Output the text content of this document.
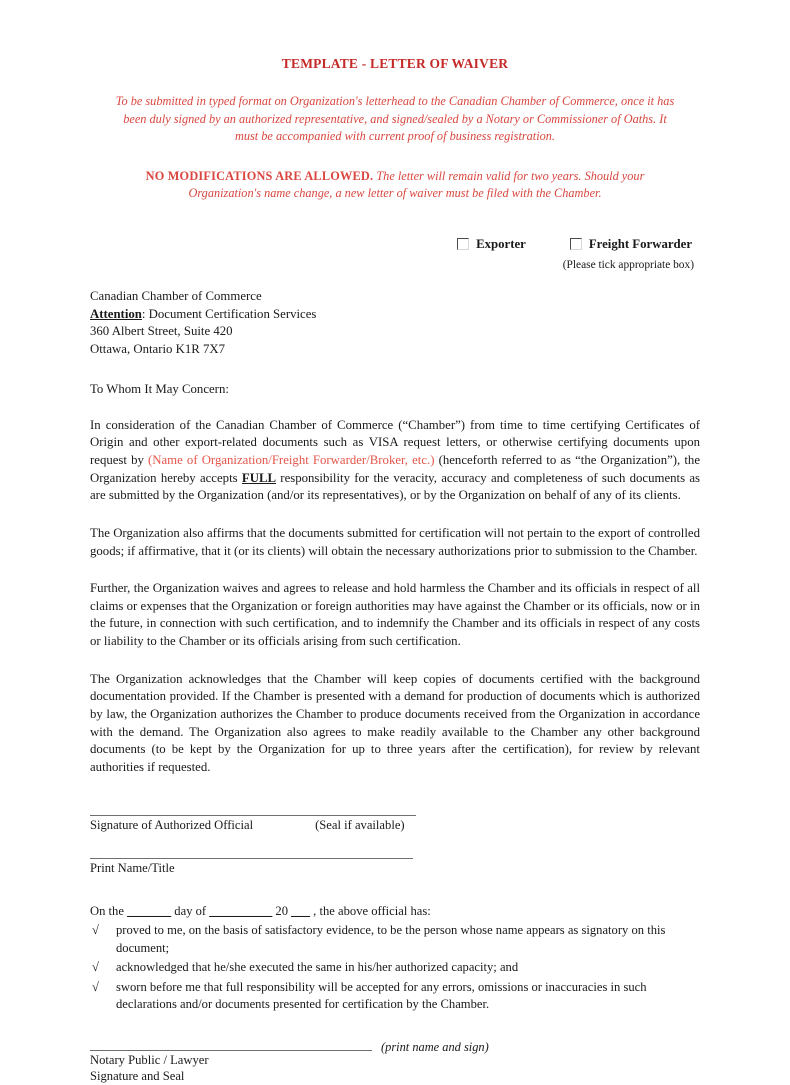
TEMPLATE - LETTER OF WAIVER
To be submitted in typed format on Organization's letterhead to the Canadian Chamber of Commerce, once it has been duly signed by an authorized representative, and signed/sealed by a Notary or Commissioner of Oaths. It must be accompanied with current proof of business registration.
NO MODIFICATIONS ARE ALLOWED. The letter will remain valid for two years. Should your Organization's name change, a new letter of waiver must be filed with the Chamber.
Exporter	Freight Forwarder
(Please tick appropriate box)
Canadian Chamber of Commerce
Attention: Document Certification Services
360 Albert Street, Suite 420
Ottawa, Ontario K1R 7X7
To Whom It May Concern:

In consideration of the Canadian Chamber of Commerce (“Chamber”) from time to time certifying Certificates of Origin and other export-related documents such as VISA request letters, or otherwise certifying documents upon request by (Name of Organization/Freight Forwarder/Broker, etc.) (henceforth referred to as “the Organization”), the Organization hereby accepts FULL responsibility for the veracity, accuracy and completeness of such documents as are submitted by the Organization (and/or its representatives), or by the Organization on behalf of any of its clients.

The Organization also affirms that the documents submitted for certification will not pertain to the export of controlled goods; if affirmative, that it (or its clients) will obtain the necessary authorizations prior to submission to the Chamber.

Further, the Organization waives and agrees to release and hold harmless the Chamber and its officials in respect of all claims or expenses that the Organization or foreign authorities may have against the Chamber or its officials, now or in the future, in connection with such certification, and to indemnify the Chamber and its officials in respect of any costs or liability to the Chamber or its officials arising from such certification.

The Organization acknowledges that the Chamber will keep copies of documents certified with the background documentation provided. If the Chamber is presented with a demand for production of documents which is authorized by law, the Organization authorizes the Chamber to produce documents received from the Organization in accordance with the demand. The Organization also agrees to make readily available to the Chamber any other background documents (to be kept by the Organization for up to three years after the certification), for review by relevant authorities if requested.

Signature of Authorized Official	(Seal if available)
Print Name/Title
On the _______ day of __________ 20 ___ , the above official has:
√ proved to me, on the basis of satisfactory evidence, to be the person whose name appears as signatory on this document;
√ acknowledged that he/she executed the same in his/her authorized capacity; and
√ sworn before me that full responsibility will be accepted for any errors, omissions or inaccuracies in such declarations and/or documents presented for certification by the Chamber.
(print name and sign)
Notary Public / Lawyer
Signature and Seal
